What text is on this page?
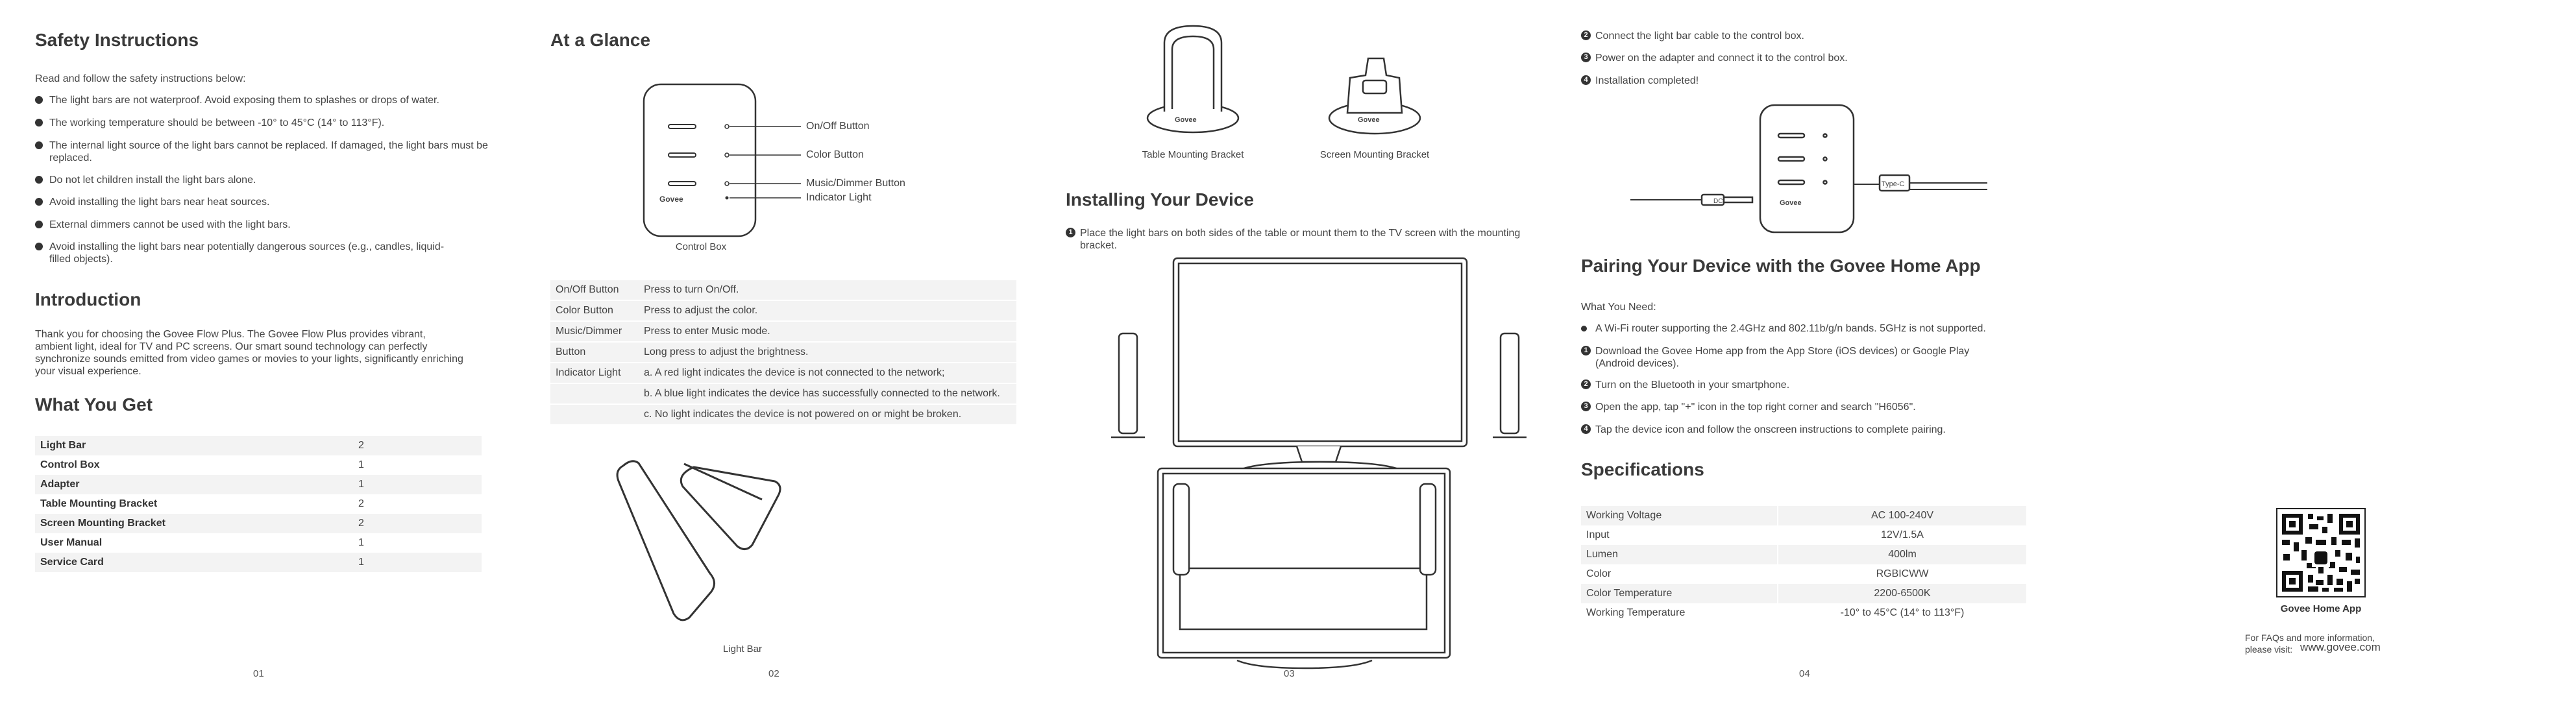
Safety Instructions
Read and follow the safety instructions below:
The light bars are not waterproof. Avoid exposing them to splashes or drops of water.
The working temperature should be between -10° to 45°C (14° to 113°F).
The internal light source of the light bars cannot be replaced. If damaged, the light bars must be replaced.
Do not let children install the light bars alone.
Avoid installing the light bars near heat sources.
External dimmers cannot be used with the light bars.
Avoid installing the light bars near potentially dangerous sources (e.g., candles, liquid-filled objects).
Introduction
Thank you for choosing the Govee Flow Plus. The Govee Flow Plus provides vibrant, ambient light, ideal for TV and PC screens. Our smart sound technology can perfectly synchronize sounds emitted from video games or movies to your lights, significantly enriching your visual experience.
What You Get
Light Bar	2
Control Box	1
Adapter	1
Table Mounting Bracket	2
Screen Mounting Bracket	2
User Manual	1
Service Card	1
01
At a Glance
Govee
On/Off Button
Color Button
Music/Dimmer Button
Indicator Light
Control Box
On/Off Button	Press to turn On/Off.
Color Button	Press to adjust the color.
Music/Dimmer	Press to enter Music mode.
Button	Long press to adjust the brightness.
Indicator Light	a. A red light indicates the device is not connected to the network;
	b. A blue light indicates the device has successfully connected to the network.
	c. No light indicates the device is not powered on or might be broken.
Light Bar
02
Govee	Govee
Table Mounting Bracket	Screen Mounting Bracket
Installing Your Device
1 Place the light bars on both sides of the table or mount them to the TV screen with the mounting bracket.
03
2 Connect the light bar cable to the control box.
3 Power on the adapter and connect it to the control box.
4 Installation completed!
DC
Type-C
Govee
Pairing Your Device with the Govee Home App
What You Need:
A Wi-Fi router supporting the 2.4GHz and 802.11b/g/n bands. 5GHz is not supported.
1 Download the Govee Home app from the App Store (iOS devices) or Google Play (Android devices).
2 Turn on the Bluetooth in your smartphone.
3 Open the app, tap "+" icon in the top right corner and search "H6056".
4 Tap the device icon and follow the onscreen instructions to complete pairing.
Specifications
Working Voltage	AC 100-240V
Input	12V/1.5A
Lumen	400lm
Color	RGBICWW
Color Temperature	2200-6500K
Working Temperature	-10° to 45°C (14° to 113°F)
04
Govee Home App
For FAQs and more information,
please visit: www.govee.com
